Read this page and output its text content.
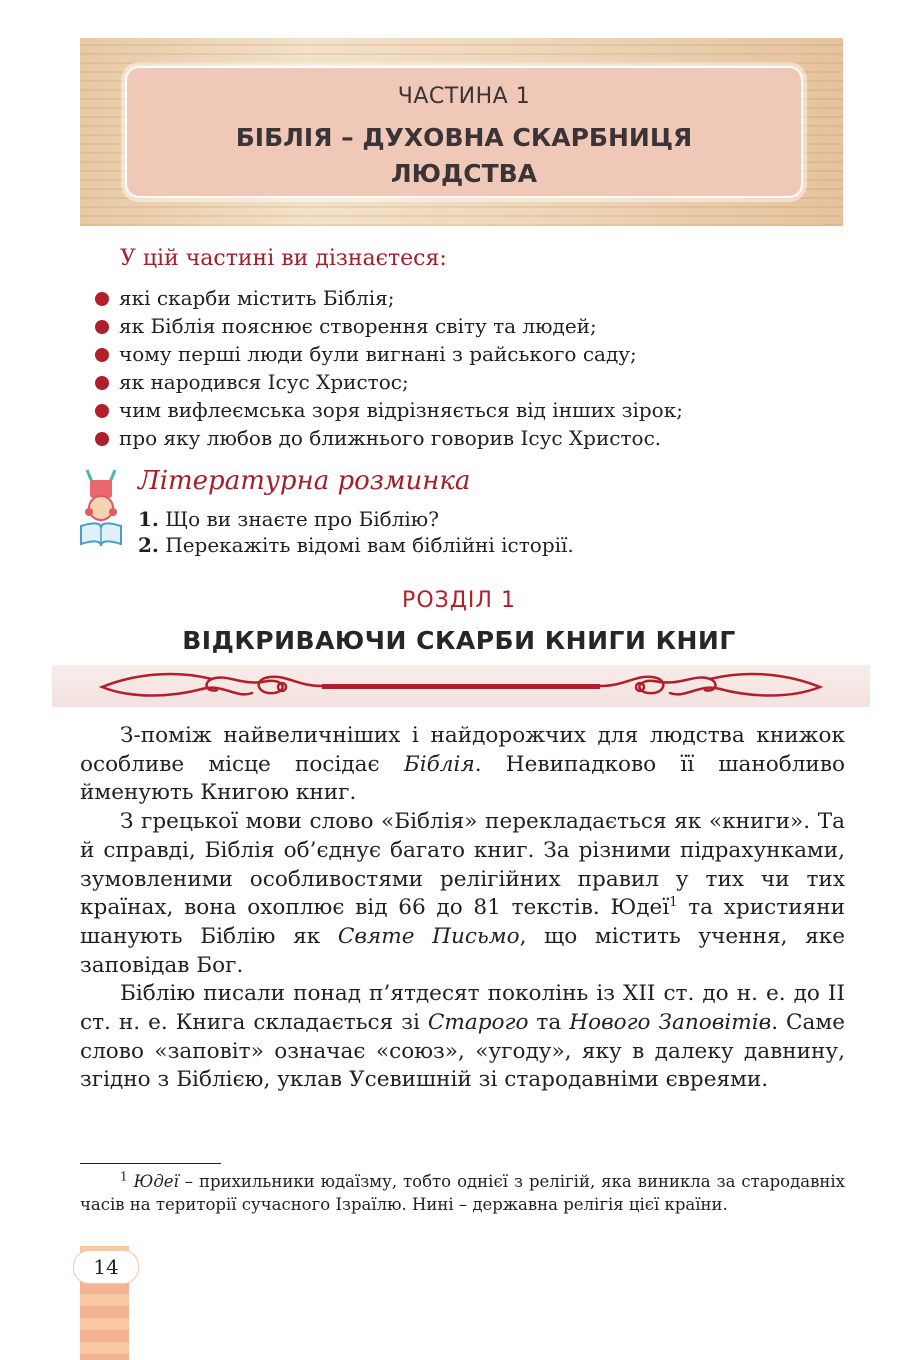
ЧАСТИНА 1
БІБЛІЯ – ДУХОВНА СКАРБНИЦЯ
ЛЮДСТВА
У цій частині ви дізнаєтеся:
які скарби містить Біблія;
як Біблія пояснює створення світу та людей;
чому перші люди були вигнані з райського саду;
як народився Ісус Христос;
чим вифлеємська зоря відрізняється від інших зірок;
про яку любов до ближнього говорив Ісус Христос.
Літературна розминка
1. Що ви знаєте про Біблію?
2. Перекажіть відомі вам біблійні історії.
РОЗДІЛ 1
ВІДКРИВАЮЧИ СКАРБИ КНИГИ КНИГ

З-поміж найвеличніших і найдорожчих для людства книжок особливе місце посідає Біблія. Невипадково її шанобливо йменують Книгою книг.

З грецької мови слово «Біблія» перекладається як «книги». Та й справді, Біблія об’єднує багато книг. За різними підрахунками, зумовленими особливостями релігійних правил у тих чи тих країнах, вона охоплює від 66 до 81 текстів. Юдеї$^1$ та християни шанують Біблію як Святе Письмо, що містить учення, яке заповідав Бог.

Біблію писали понад п’ятдесят поколінь із XII ст. до н. е. до II ст. н. е. Книга складається зі Старого та Нового Заповітів. Саме слово «заповіт» означає «союз», «угоду», яку в далеку давнину, згідно з Біблією, уклав Усевишній зі стародавніми євреями.

$^1$ Юдеї – прихильники юдаїзму, тобто однієї з релігій, яка виникла за стародавніх часів на території сучасного Ізраїлю. Нині – державна релігія цієї країни.

14
